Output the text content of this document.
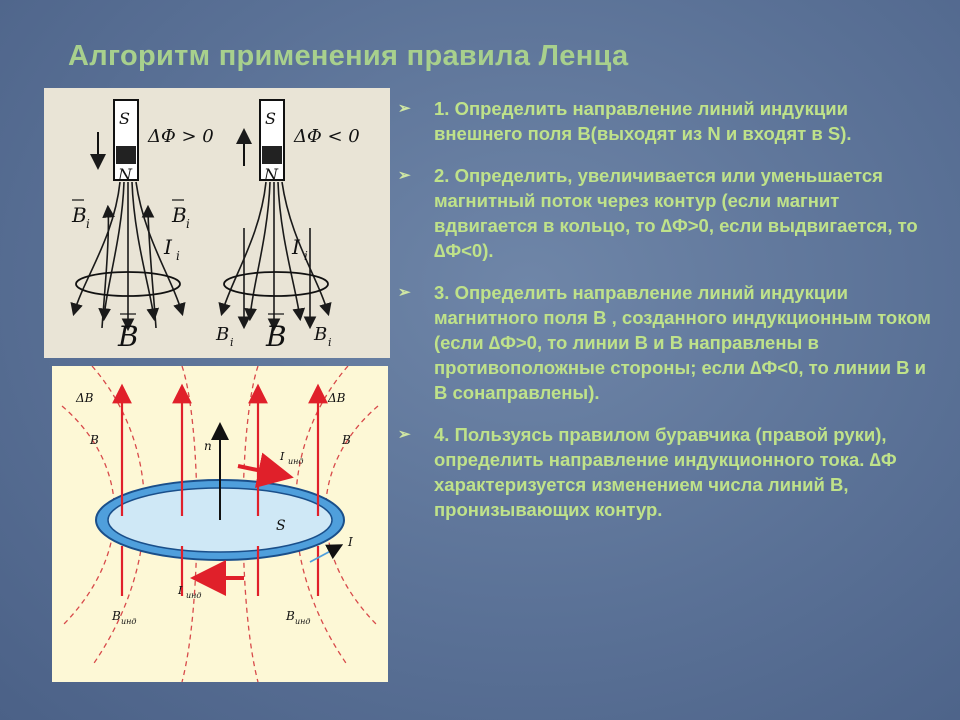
Алгоритм применения правила Ленца
S
N
S
N
ΔΦ > 0	ΔΦ < 0
B i	B i
I i	I i
B	B
B i	B i
ΔB	ΔB
B	B
n
I инд
S
I
I инд
B инд	B инд
➢ 1. Определить направление линий индукции внешнего поля В(выходят из N и входят в S).
➢ 2. Определить, увеличивается или уменьшается магнитный поток через контур (если магнит вдвигается в кольцо, то ∆Ф>0, если выдвигается, то ∆Ф<0).
➢ 3. Определить направление линий индукции магнитного поля В , созданного индукционным током (если ∆Ф>0, то линии В и В направлены в противоположные стороны; если ∆Ф<0, то линии В и В сонаправлены).
➢ 4. Пользуясь правилом буравчика (правой руки), определить направление индукционного тока. ∆Ф характеризуется изменением числа линий В, пронизывающих контур.
